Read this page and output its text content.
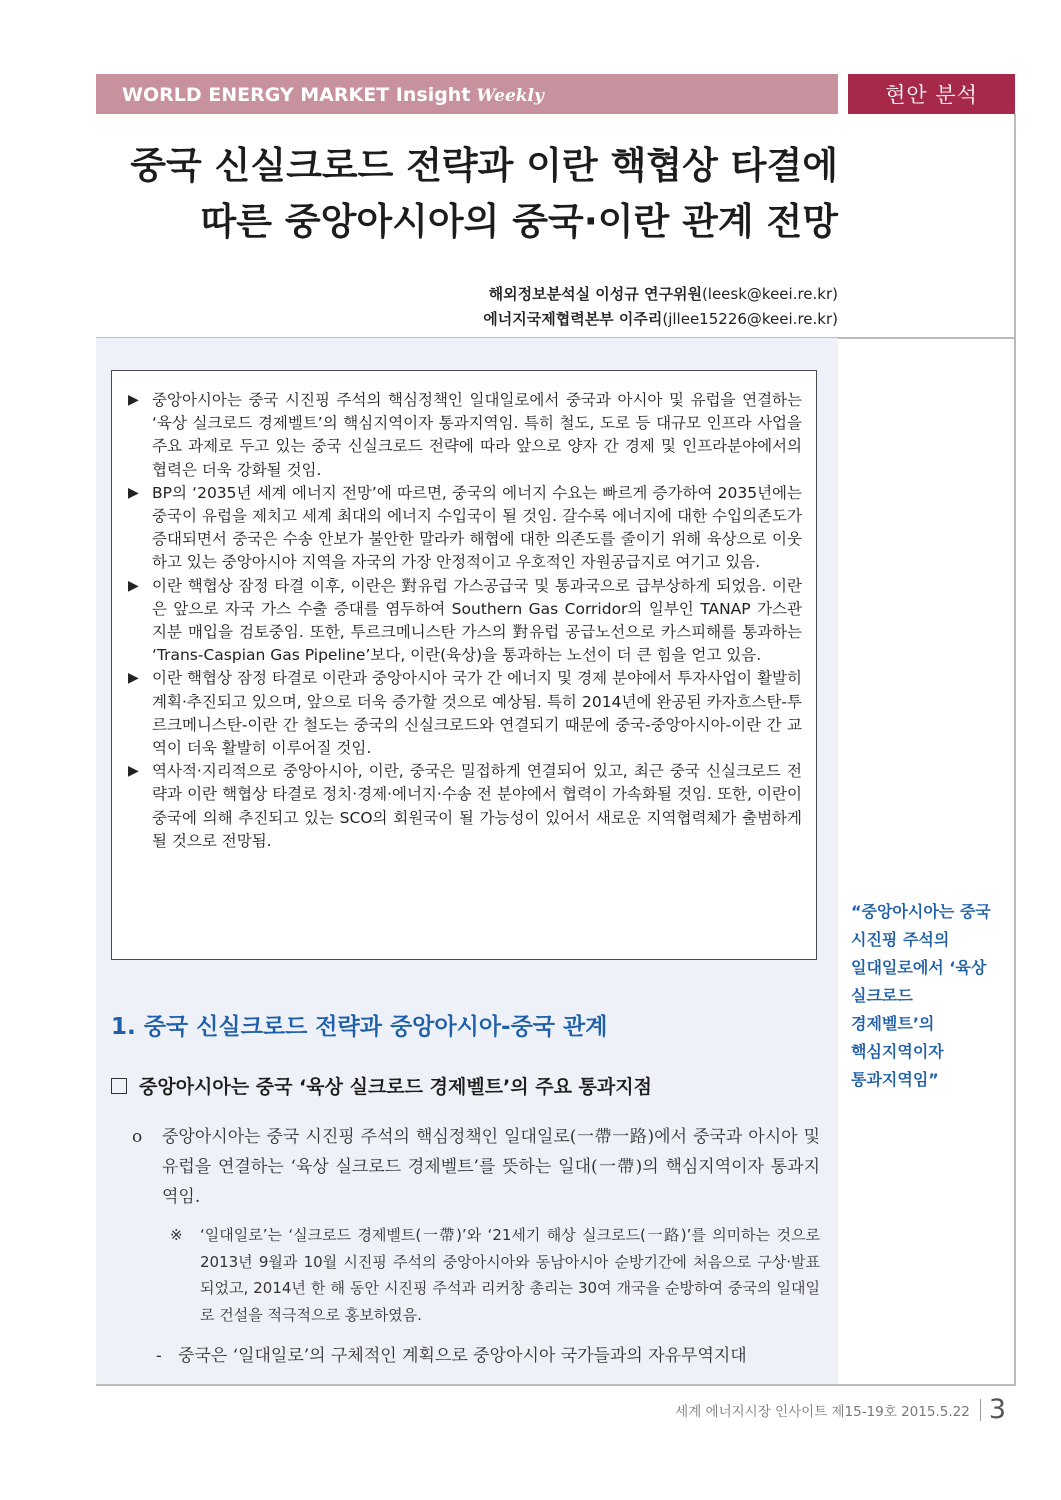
WORLD ENERGY MARKET Insight Weekly	현안 분석
중국 신실크로드 전략과 이란 핵협상 타결에
따른 중앙아시아의 중국·이란 관계 전망
해외정보분석실 이성규 연구위원(leesk@keei.re.kr)
에너지국제협력본부 이주리(jllee15226@keei.re.kr)
▶ 중앙아시아는 중국 시진핑 주석의 핵심정책인 일대일로에서 중국과 아시아 및 유럽을 연결하는 ‘육상 실크로드 경제벨트’의 핵심지역이자 통과지역임. 특히 철도, 도로 등 대규모 인프라 사업을 주요 과제로 두고 있는 중국 신실크로드 전략에 따라 앞으로 양자 간 경제 및 인프라분야에서의 협력은 더욱 강화될 것임.
▶ BP의 ‘2035년 세계 에너지 전망’에 따르면, 중국의 에너지 수요는 빠르게 증가하여 2035년에는 중국이 유럽을 제치고 세계 최대의 에너지 수입국이 될 것임. 갈수록 에너지에 대한 수입의존도가 증대되면서 중국은 수송 안보가 불안한 말라카 해협에 대한 의존도를 줄이기 위해 육상으로 이웃하고 있는 중앙아시아 지역을 자국의 가장 안정적이고 우호적인 자원공급지로 여기고 있음.
▶ 이란 핵협상 잠정 타결 이후, 이란은 對유럽 가스공급국 및 통과국으로 급부상하게 되었음. 이란은 앞으로 자국 가스 수출 증대를 염두하여 Southern Gas Corridor의 일부인 TANAP 가스관 지분 매입을 검토중임. 또한, 투르크메니스탄 가스의 對유럽 공급노선으로 카스피해를 통과하는 ‘Trans-Caspian Gas Pipeline’보다, 이란(육상)을 통과하는 노선이 더 큰 힘을 얻고 있음.
▶ 이란 핵협상 잠정 타결로 이란과 중앙아시아 국가 간 에너지 및 경제 분야에서 투자사업이 활발히 계획·추진되고 있으며, 앞으로 더욱 증가할 것으로 예상됨. 특히 2014년에 완공된 카자흐스탄-투르크메니스탄-이란 간 철도는 중국의 신실크로드와 연결되기 때문에 중국-중앙아시아-이란 간 교역이 더욱 활발히 이루어질 것임.
▶ 역사적·지리적으로 중앙아시아, 이란, 중국은 밀접하게 연결되어 있고, 최근 중국 신실크로드 전략과 이란 핵협상 타결로 정치·경제·에너지·수송 전 분야에서 협력이 가속화될 것임. 또한, 이란이 중국에 의해 추진되고 있는 SCO의 회원국이 될 가능성이 있어서 새로운 지역협력체가 출범하게 될 것으로 전망됨.
1. 중국 신실크로드 전략과 중앙아시아-중국 관계
중앙아시아는 중국 ‘육상 실크로드 경제벨트’의 주요 통과지점
o	중앙아시아는 중국 시진핑 주석의 핵심정책인 일대일로(一帶一路)에서 중국과 아시아 및 유럽을 연결하는 ‘육상 실크로드 경제벨트’를 뜻하는 일대(一帶)의 핵심지역이자 통과지역임.
※	‘일대일로’는 ‘실크로드 경제벨트(一帶)’와 ‘21세기 해상 실크로드(一路)’를 의미하는 것으로 2013년 9월과 10월 시진핑 주석의 중앙아시아와 동남아시아 순방기간에 처음으로 구상·발표되었고, 2014년 한 해 동안 시진핑 주석과 리커창 총리는 30여 개국을 순방하여 중국의 일대일로 건설을 적극적으로 홍보하였음.
- 중국은 ‘일대일로’의 구체적인 계획으로 중앙아시아 국가들과의 자유무역지대
“중앙아시아는 중국
시진핑 주석의
일대일로에서 ‘육상
실크로드
경제벨트’의
핵심지역이자
통과지역임”
세계 에너지시장 인사이트 제15-19호 2015.5.22 3
